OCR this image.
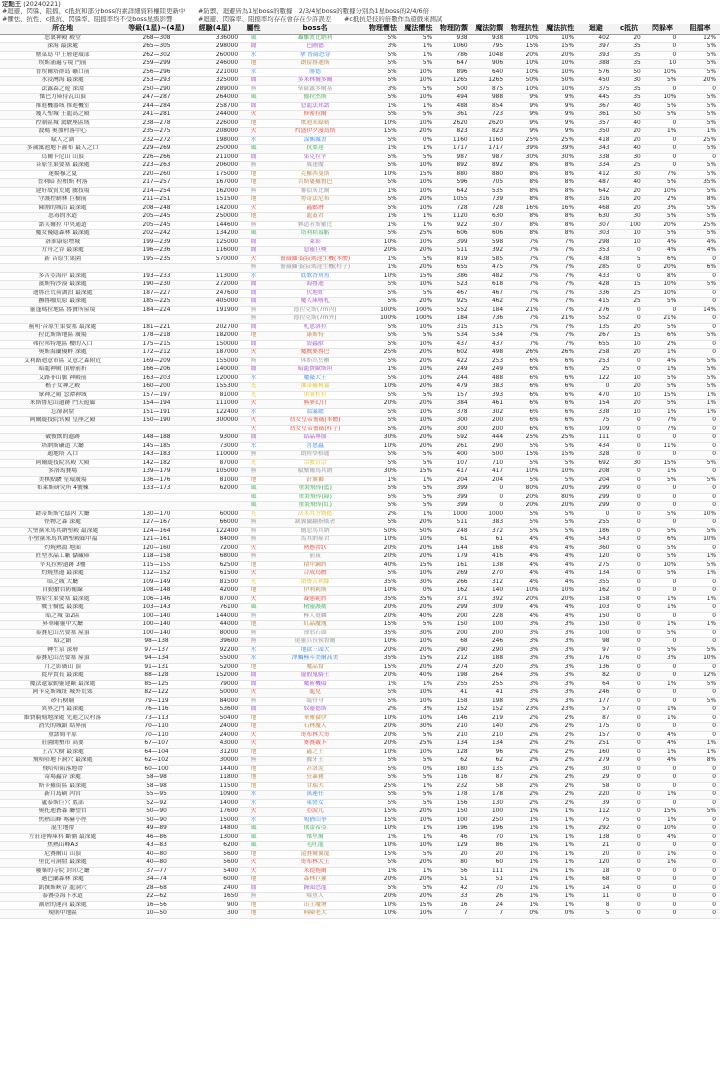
定點王 (20240221)
#迴避、閃躲、阻擋、c抵抗和部分boss的素詳細資料權陸更新中　　#防禦、迴避皆為1星boss的數據　2/3/4星boss的數據分別為1星boss的2/4/6倍
#懼怯、抗性、c抵抗、閃躲率、阻擋率均不受boss星級影響　　　　#迴避、閃躲率、阻擋率均存在會存在少許誤差　　#c抵抗是技的倍數作為遊戲來測試
所在地	等級(1星)~(4星)	經驗(4星)	屬性	boss名	物理懼怯	魔法懼怯	物理防禦	魔法防禦	物理抗性	魔法抗性	迴避	c抵抗	閃躲率	阻擋率
惡裏神殿 殿堂	268—308	336000	風	轟雛渡比納利	5%	5%	938	938	10%	10%	402	20	0	12%
深海 最深處	265—305	298000	闇	巴圖德	3%	1%	1060	795	15%	15%	397	35	0	5%
塵菜島 中上層建環部	262—302	260000	水	拿 普薩恐穿	5%	1%	786	1048	20%	20%	393	35	0	5%
埃斯涌遍亏境 門前	259—299	246000	地	朗留魯迪斯	5%	5%	647	906	10%	10%	388	35	10	5%
普埃爾塔群島 礦口前	256—296	221000	水	腓德	5%	10%	896	640	10%	10%	576	50	10%	5%
水浸灣海 最深處	253—293	325000	闇	多米林爾多爾	5%	10%	1265	1265	50%	50%	450	30	5%	20%
法露森之遊 深淵	250—290	289000	無	柴薩露多爾基	3%	5%	500	875	10%	10%	375	35	0	0
傑巴力庫侍瓦山頂	247—287	264000	風	伽拉杰斯	5%	10%	494	988	9%	9%	445	35	10%	5%
推進機器域 推進機室	244—284	258700	闇	惡龍法邦諾	1%	1%	488	854	9%	9%	367	40	5%	5%
幾人聖城 王龍高之殿	241—281	244000	火	修密拉爾	5%	5%	361	723	9%	9%	361	50	5%	5%
控制區城 駕駛座區域	238—278	226000	地	歌迪米綠勒	10%	10%	2620	2620	9%	9%	357	40	0	5%
波瑪 奧加村落中心	235—275	208000	火	灼盛伊夕漫鳥斯	15%	20%	823	823	9%	9%	350	20	1%	1%
賦人之湖	232—272	198000	水	謀衡厲書	5%	0%	1160	1160	25%	25%	418	20	0	25%
多歲寓池地下灌布 最人之口	229—269	250000	風	抗要達	1%	1%	1717	1717	39%	39%	343	40	0	5%
烏爾卡尼山 山頂	226—266	211000	闇	果克拉辛	5%	5%	987	987	30%	30%	338	30	0	0
音原生果要塞 最深處	223—263	206000	無	威逢魔	5%	10%	892	892	8%	8%	334	25	0	5%
迷揚穆之夏	220—260	175000	地	克羅西曼斯	10%	15%	880	880	8%	8%	412	30	7%	5%
晉利暗 拉柏斯 村落	217—257	167000	地	吉斯婁羅鲁巴	5%	10%	596	705	8%	8%	487	40	5%	35%
建好故賓荒處 騰技場	214—254	162000	無	審偵灰比爾	1%	10%	642	535	8%	8%	642	20	10%	5%
守護控制林 巨樹前	211—251	151500	地	勞奇法尼布	5%	20%	1055	739	8%	8%	316	20	2%	8%
陳圍的城沿 最深處	208—248	142000	火	蟲螞曆	5%	10%	728	728	16%	16%	468	20	3%	5%
惡毒的水道	205—245	250000	地	龍蓋君	1%	1%	1120	630	8%	8%	630	30	5%	5%
諾芙爾拉 中央通道	205—245	144600	無	夥道者斯羅比	1%	1%	922	307	8%	8%	307	100	20%	25%
魔女優隱森林 最深處	202—242	134200	風	塔利秸盎虧	5%	25%	606	606	8%	8%	303	10	5%	5%
洛淮康原增城	199—239	125000	闇	萊影	10%	10%	399	598	7%	7%	298	10	4%	4%
方舟之谷 最深處	196—236	116000	闇	惡靈巨獎	20%	20%	511	392	7%	7%	353	0	4%	4%
新 音原生果園	195—235	570000	火	薔薇獅·錠寂瑪達生機(本體)	1%	5%	819	585	7%	7%	438	5	6%	0
			無	薔薇獅·錠寂瑪達生機(柱子)	1%	20%	655	475	7%	7%	285	0	20%	6%
多苦亞海岸 最深處	193—233	113000	水	底歌香角魚	10%	15%	386	482	7%	7%	433	0	8%	0
薑斯特沙漠 最深處	190—230	272000	闇	海魯迪	5%	10%	523	618	7%	7%	428	15	10%	5%
迪魯荘荒荷湖泊 最深處	187—227	247600	闇	伏地虻	5%	5%	467	467	7%	7%	336	25	10%	0
撫魯咖荒原 最深處	185—225	405000	闇	魔人庫喀札	5%	20%	925	462	7%	7%	415	25	5%	0
靈蓬瑪拉地區 魯寶所屋境	184—224	191900	無	德拉克斯(7m內)	100%	100%	552	184	21%	7%	276	0	0	14%
			無	德拉克斯(7m外)	100%	100%	184	736	7%	21%	552	0	21%	0
薊明·音原生果要塞 最深處	181—221	202700	闇	札恩洛拉	5%	10%	315	315	7%	7%	135	20	5%	0
拉比斯斯地區 廣場	178—218	182000	地	康斯特	5%	5%	534	534	7%	7%	267	15	6%	5%
弗拉邦特地區 櫻的入口	175—215	150000	闇	毀蟲獸	5%	10%	437	437	7%	7%	655	10	2%	0
奧斯海蘭優畔 深處	172—212	187000	火	魔戲麥魯巴	25%	20%	602	498	26%	26%	258	20	1%	0
艾利路迪意市區 艾意之森附近	169—209	155000	無	休斯出岳櫃	5%	20%	422	253	6%	6%	253	0	4%	5%
暗龍神殿 頂層前折	166—206	140000	闇	暗龍費歐斯坦	1%	10%	249	249	6%	6%	25	0	1%	5%
艾路菲山脈 神殿前	163—203	120000	水	魔薇大王	5%	10%	244	488	6%	6%	122	10	5%	5%
楷子女神之殿	160—200	155300	光	潔蒂羅柯嘉	10%	20%	479	383	6%	6%	0	20	5%	5%
眾神之殿 忽潭神域	157—197	81000	光	黑暑杜拉	5%	5%	157	393	6%	6%	470	10	15%	1%
米斯鲁尼山遺跡 鬥天遊廊	154—194	111000	火	無夢幻日	20%	20%	384	461	6%	6%	154	20	5%	1%
忘卻洞窟	151—191	122400	水	溫滿總	5%	10%	378	302	6%	6%	338	10	1%	1%
阿爾緹技院宮殿 皇座之殿	150—190	300000	火	幼女皇帝薔薇(本體)	5%	10%	300	200	6%	6%	75	0	7%	0
			火	幼女皇帝薔薇(柱子)	5%	20%	300	200	6%	6%	109	0	7%	0
破彼飲的遺跡	148—188	93000	闇	結晶專節	30%	20%	592	444	25%	25%	111	0	0	0
塔納斯礦道 大廳	145—185	73000	水	喜恩蟲	10%	20%	261	290	5%	5%	434	0	11%	0
通地塔 入口	143—183	110000	無	朗恆學格麗	5%	5%	400	500	15%	15%	328	0	0	0
阿爾緹技院宮殿 大殿	142—182	87000	光	宗教宮宗	5%	5%	107	710	5%	5%	692	30	15%	5%
多洛馬賽場	139—179	105000	無	賦樂爾馬其納	30%	15%	417	417	10%	10%	208	0	1%	0
美棋點駿 星環廣場	136—176	81000	地	針翼獅	1%	1%	204	204	5%	5%	204	0	5%	5%
布萊斯研究所 4號棟	133—173	62000	風	重裝飛俸(藍)	5%	5%	399	0	80%	20%	299	0	0	0
			風	重裝飛俸(綠)	5%	5%	399	0	20%	80%	299	0	0	0
			風	重裝飛俸(紅)	5%	5%	399	0	20%	20%	299	0	0	0
蹉蒂斯斯宅邸內 大廳	130—170	60000	光	法米其方姆德	2%	1%	1000	1000	5%	5%	0	0	5%	10%
怪物之森 深處	127—167	66000	無	缺翼獵翻指威者	5%	20%	511	383	5%	5%	255	0	0	0
大聖黨米馬其納聖殿 最深處	124—164	122400	無	幽惡馬其納	50%	50%	248	372	5%	5%	186	0	5%	5%
小聖黨米馬其納聖殿廊中福	121—161	84000	無	馬其納雇君	10%	10%	61	61	4%	4%	543	0	6%	10%
灼燒熱淵 地面	120—160	72000	火	熱懸帶狀	20%	20%	144	168	4%	4%	360	0	5%	0
匠型水晶工廠 儲藏庫	118—158	68000	無	前夜	20%	20%	179	416	4%	4%	120	0	5%	1%
辛丸拉勲遺跡 3樓	115—155	62500	地	積甲鋼將	40%	15%	161	138	4%	4%	275	0	10%	5%
灼燒焦邊 最深處	112—152	61500	火	合成鳥體	5%	10%	269	270	4%	4%	134	0	5%	1%
暗之城 大廳	109—149	81500	光	榮譽吉利絲	35%	30%	266	312	4%	4%	355	0	0	0
自動搶台防衛線	108—148	42000	地	伊利莉斯	10%	0%	162	140	10%	10%	162	0	0	0
魯原生果要塞 最深處	106—146	87000	火	凝態範將	35%	35%	371	392	20%	20%	158	0	1%	1%
戰士樹藍 最深處	103—143	76100	風	精靈護衛	20%	20%	299	309	4%	4%	103	0	1%	0
暗之城 第2區	100—140	144000	無	極人覺麟	20%	40%	200	228	4%	4%	150	0	0	0
昇華廟靈中大廳	100—140	44000	地	紅晶魔塊	15%	5%	150	100	3%	3%	150	0	1%	1%
泰賽尼山岳要塞 屋頂	100—140	80000	無	薄翁石頭	35%	30%	200	200	3%	3%	100	0	5%	0
暗之鎮	98—138	39600	無	尾靈兵長侯鲁爾	10%	10%	68	246	3%	3%	98	0	0	0
轉生泉 深層	97—137	92200	水	地獄三頭犬	20%	20%	290	290	3%	3%	97	0	5%	5%
泰賽尼山岳要塞 屋頂	94—134	55000	水	澤觸極斗美爾高美	35%	15%	212	188	3%	3%	176	0	3%	10%
月之影廣山 頂	91—131	52000	地	魔晶窟	15%	20%	274	320	3%	3%	136	0	0	0
從岸貴長 最深處	88—128	152000	闇	虛假鬼騎士	20%	40%	198	264	3%	3%	82	0	0	12%
魔法遼蒙動靈建廠 最深處	85—125	79000	闇	魔術機俶	1%	1%	255	255	3%	3%	64	0	1%	5%
阿卡克斯城址 城外荒郊	82—122	50000	火	龍兒	5%	10%	41	41	3%	3%	246	0	0	0
砂石樹廟	79—119	84000	無	臨骨身	5%	10%	158	198	3%	3%	177	0	0	5%
異界之門 最深處	76—116	53600	闇	奴靈德斯	2%	3%	152	152	23%	23%	57	0	1%	0
維費騎刻地深處 先進之民村落	73—113	50400	地	華雅倫伊	10%	10%	146	219	2%	2%	87	0	1%	0
消失的城鎮 姑界前	70—110	24000	地	石林魔人	20%	30%	210	140	2%	2%	175	0	0	0
重諾姆平原	70—110	24000	火	哥布林大哥	20%	5%	210	210	2%	2%	157	0	4%	0
莊園開墾市 高要	67—107	43000	火	麥賽戴卡	20%	25%	134	134	2%	2%	251	0	4%	1%
上古大樹 最深處	64—104	31200	地	蟲之王	10%	10%	128	96	2%	2%	160	0	1%	1%
飛哈哈地下洞穴 最深處	62—102	30000	無	據牙王	5%	5%	62	62	2%	2%	279	0	4%	8%
飛哈哈陷落地帶	60—100	14400	地	甚洛泥	5%	0%	180	135	2%	2%	30	0	0	0
寄場蟲谷 深處	58—98	11800	地	狂暴豬	5%	5%	116	87	2%	2%	29	0	0	0
斯卡羅街區 最深處	58—98	11500	地	甘瑞夫	25%	1%	232	58	2%	2%	58	0	0	0
新月島刷 內宮	55—95	10900	水	萬連任	5%	5%	178	178	2%	2%	220	0	1%	0
蘆泰斯巨穴 底部	52—92	14000	水	東巒女	5%	5%	156	130	2%	2%	39	0	0	0
奧托迪蒼森 聯望台	50—90	17600	火	亞淚兀	15%	20%	150	100	1%	1%	112	0	15%	5%
焦熱山峰 喀赫小徑	50—90	15000	水	鳩猶山拳	15%	10%	100	250	1%	1%	75	0	1%	0
混生地帶	49—89	14800	風	俄蕾希亞	10%	1%	196	196	1%	1%	292	0	10%	0
左莊達傳庫科 斷側 最深處	46—86	13000	風	傑里爾	1%	1%	46	70	1%	1%	138	0	4%	0
焦熱山峰A3	43—83	6200	風	毛吐龍	10%	10%	129	86	1%	1%	21	0	0	0
尼賽爾山 山頂	40—80	5600	地	遠賽爾翼龍	15%	5%	20	20	1%	1%	20	0	1%	0
里比可洞窟 最深處	40—80	5600	火	哥布林大王	5%	20%	80	60	1%	1%	120	0	1%	0
廢棄的寺院 封印之廳	37—77	5400	火	米提拖爾	1%	1%	56	111	1%	1%	18	0	0	0
邁巴蘭森林 深處	34—74	6000	地	森林巨獾	20%	20%	51	51	1%	1%	68	0	0	0
凱撰斯峽谷 龍洞穴	28—68	2400	闇	鐘頭恐龍	5%	5%	42	70	1%	1%	14	0	0	0
泰賽亞海下水道	22—62	1650	無	噬魚人	20%	20%	33	26	1%	1%	11	0	0	0
潮虐的運河 最深處	16—56	900	地	出土魔壇	10%	15%	16	24	1%	1%	8	0	0	0
規則中地區	10—50	300	地	料陳老大	10%	10%	7	7	0%	0%	5	0	0	0
